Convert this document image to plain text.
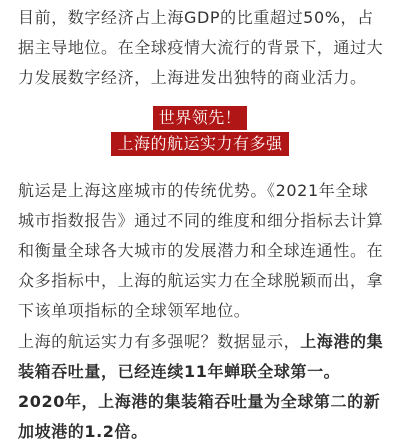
目前，数字经济占上海GDP的比重超过50%，占据主导地位。在全球疫情大流行的背景下，通过大力发展数字经济，上海进发出独特的商业活力。

世界领先！
上海的航运实力有多强

航运是上海这座城市的传统优势。《2021年全球城市指数报告》通过不同的维度和细分指标去计算和衡量全球各大城市的发展潜力和全球连通性。在众多指标中，上海的航运实力在全球脱颖而出，拿下该单项指标的全球领军地位。

上海的航运实力有多强呢？数据显示，上海港的集装箱吞吐量，已经连续11年蝉联全球第一。2020年，上海港的集装箱吞吐量为全球第二的新加坡港的1.2倍。
